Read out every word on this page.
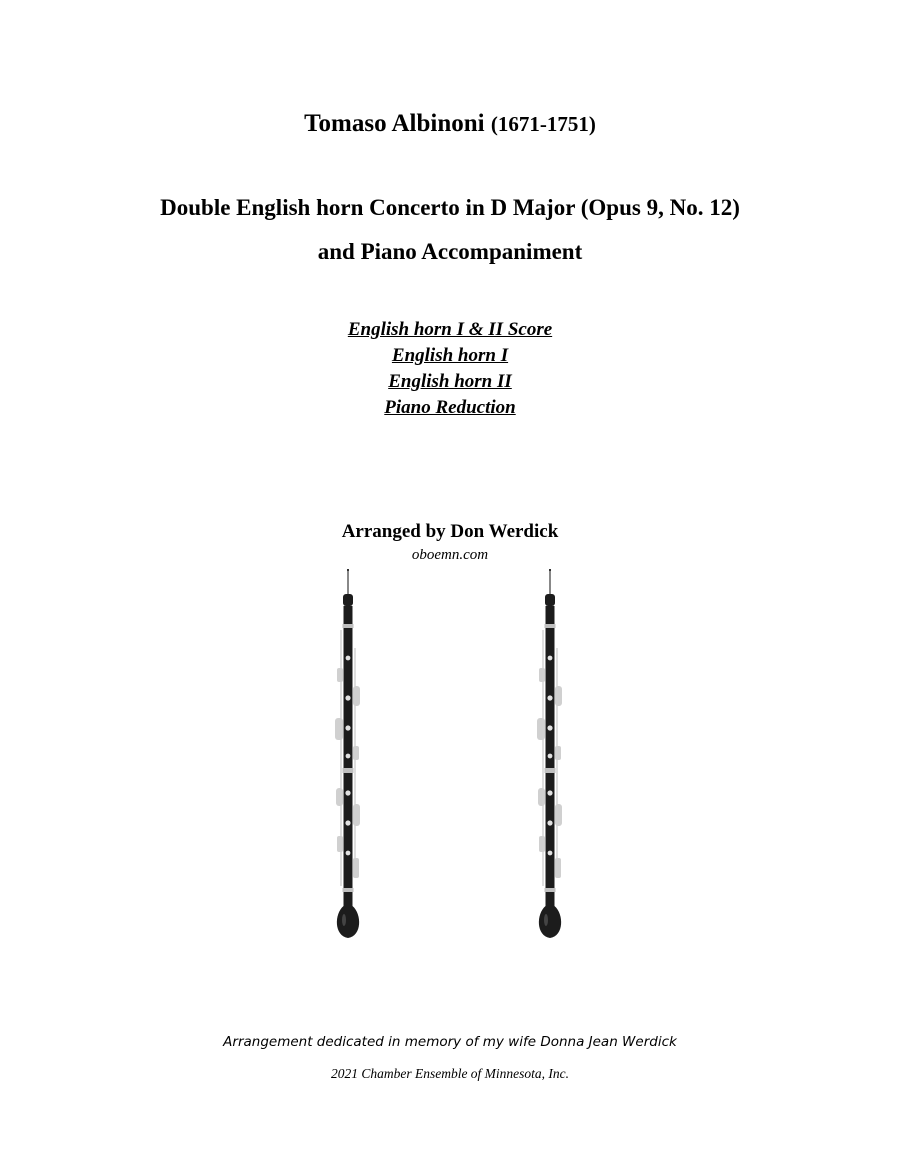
Tomaso Albinoni (1671-1751)
Double English horn Concerto in D Major (Opus 9, No. 12)
and Piano Accompaniment
English horn I & II Score
English horn I
English horn II
Piano Reduction
Arranged by Don Werdick
oboemn.com
Arrangement dedicated in memory of my wife Donna Jean Werdick
2021 Chamber Ensemble of Minnesota, Inc.
